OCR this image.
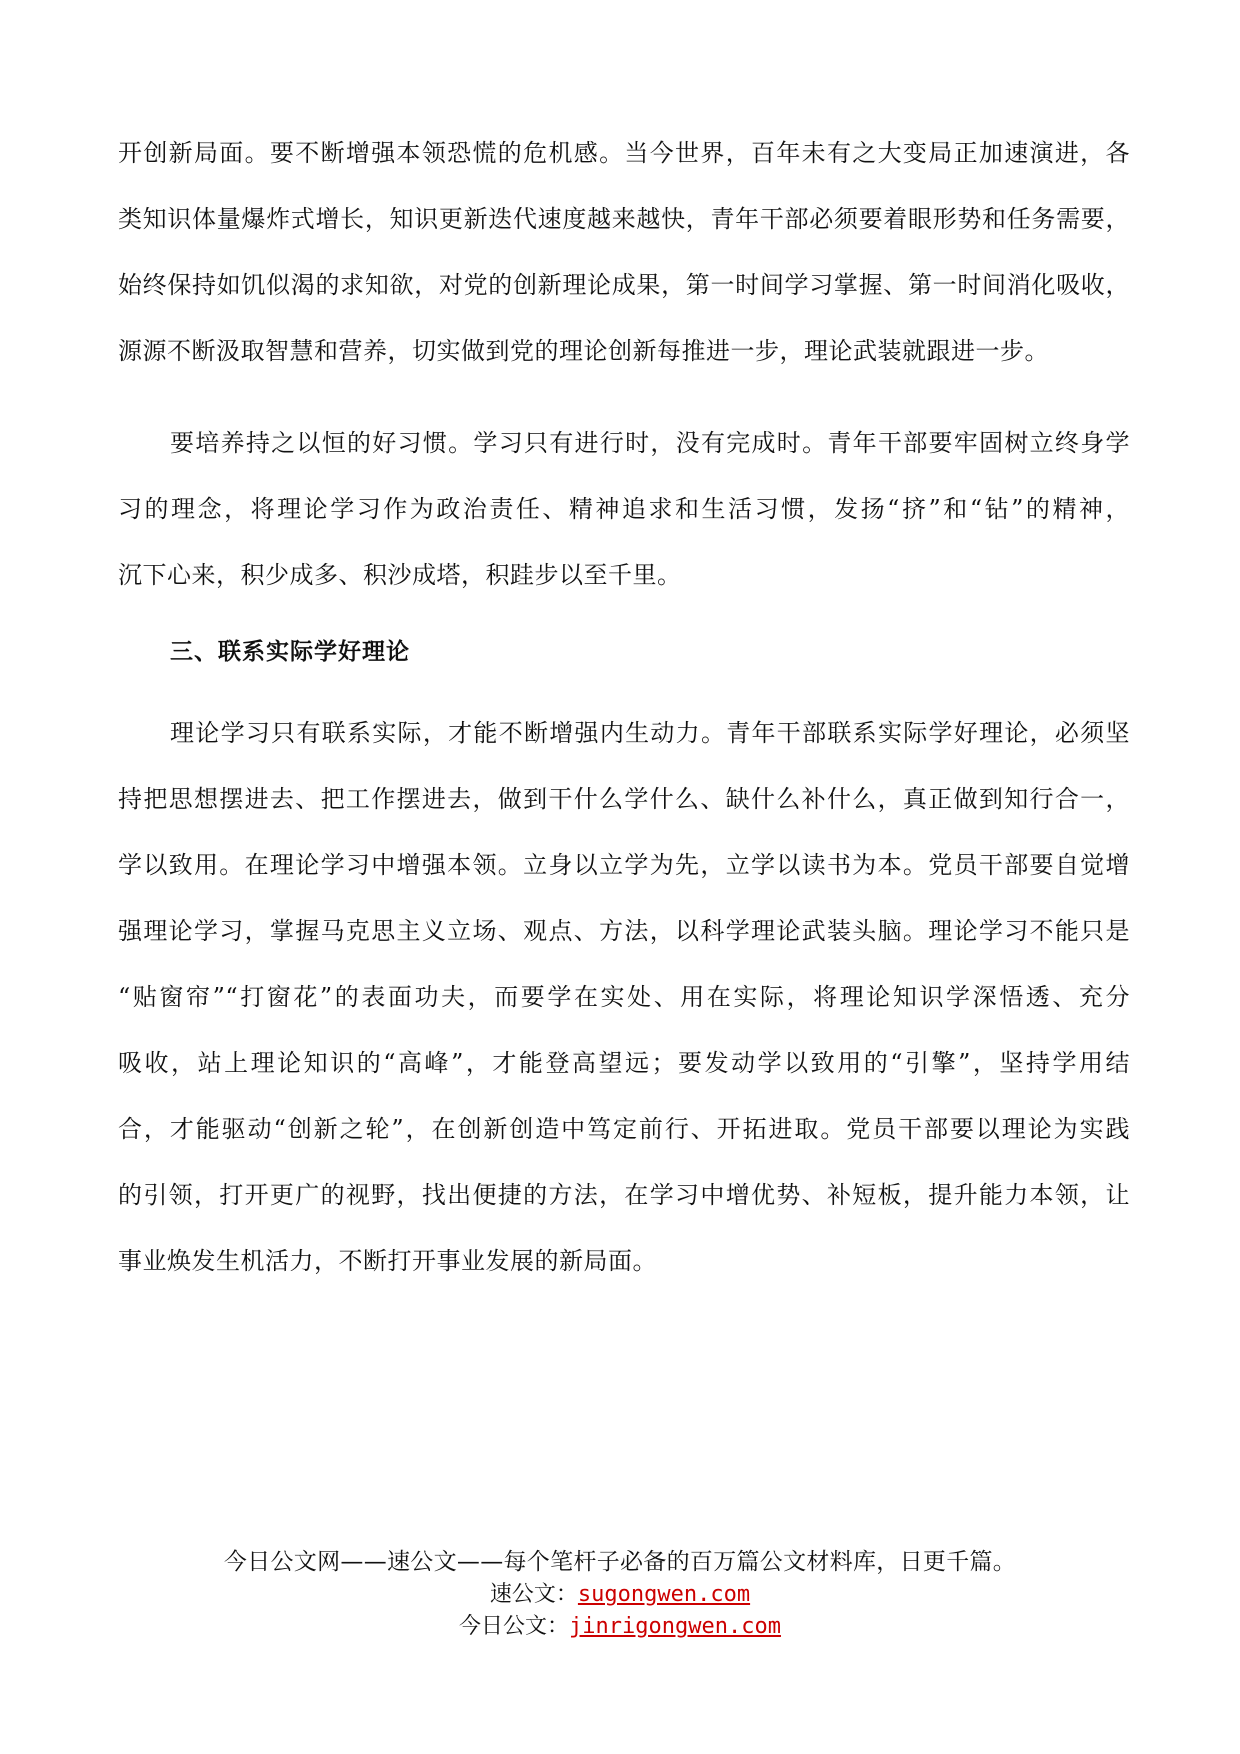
开创新局面。要不断增强本领恐慌的危机感。当今世界，百年未有之大变局正加速演进，各
类知识体量爆炸式增长，知识更新迭代速度越来越快，青年干部必须要着眼形势和任务需要，
始终保持如饥似渴的求知欲，对党的创新理论成果，第一时间学习掌握、第一时间消化吸收，
源源不断汲取智慧和营养，切实做到党的理论创新每推进一步，理论武装就跟进一步。
要培养持之以恒的好习惯。学习只有进行时，没有完成时。青年干部要牢固树立终身学
习的理念，将理论学习作为政治责任、精神追求和生活习惯，发扬“挤”和“钻”的精神，
沉下心来，积少成多、积沙成塔，积跬步以至千里。
三、联系实际学好理论
理论学习只有联系实际，才能不断增强内生动力。青年干部联系实际学好理论，必须坚
持把思想摆进去、把工作摆进去，做到干什么学什么、缺什么补什么，真正做到知行合一，
学以致用。在理论学习中增强本领。立身以立学为先，立学以读书为本。党员干部要自觉增
强理论学习，掌握马克思主义立场、观点、方法，以科学理论武装头脑。理论学习不能只是
“贴窗帘”“打窗花”的表面功夫，而要学在实处、用在实际，将理论知识学深悟透、充分
吸收，站上理论知识的“高峰”，才能登高望远；要发动学以致用的“引擎”，坚持学用结
合，才能驱动“创新之轮”，在创新创造中笃定前行、开拓进取。党员干部要以理论为实践
的引领，打开更广的视野，找出便捷的方法，在学习中增优势、补短板，提升能力本领，让
事业焕发生机活力，不断打开事业发展的新局面。
今日公文网——速公文——每个笔杆子必备的百万篇公文材料库，日更千篇。
速公文：sugongwen.com
今日公文：jinrigongwen.com
